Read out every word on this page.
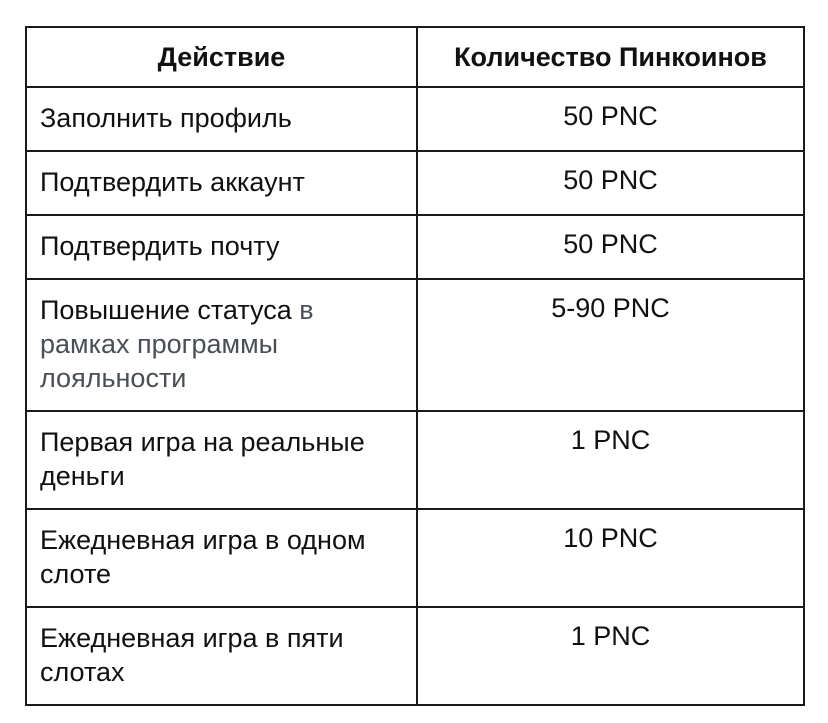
Действие	Количество Пинкоинов
Заполнить профиль	50 PNC
Подтвердить аккаунт	50 PNC
Подтвердить почту	50 PNC
Повышение статуса в рамках программы лояльности	5-90 PNC
Первая игра на реальные деньги	1 PNC
Ежедневная игра в одном слоте	10 PNC
Ежедневная игра в пяти слотах	1 PNC
